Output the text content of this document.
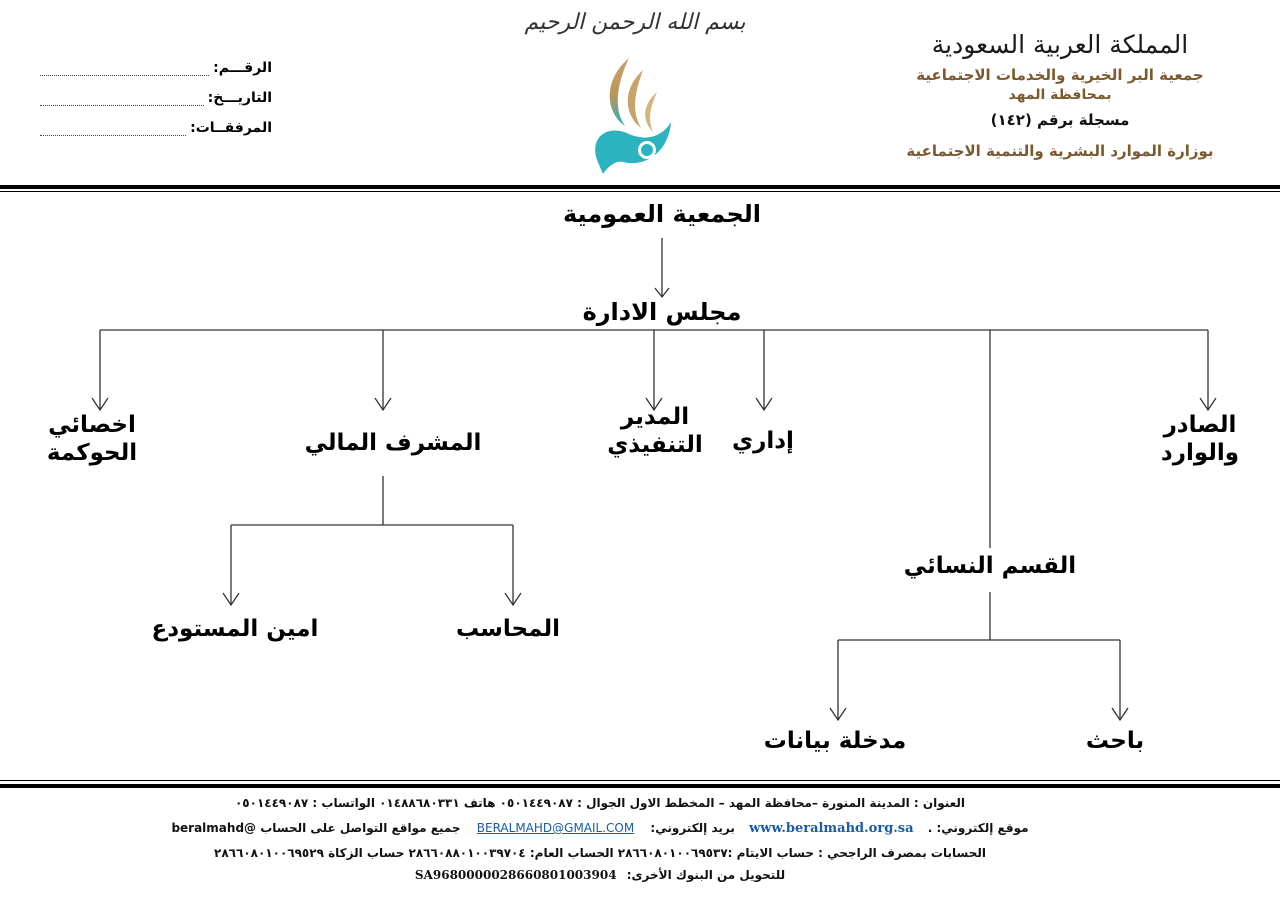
بسم الله الرحمن الرحيم
المملكة العربية السعودية
جمعية البر الخيرية والخدمات الاجتماعية
بمحافظة المهد
مسجلة برقم (١٤٢)
بوزارة الموارد البشرية والتنمية الاجتماعية
الرقـــم:
التاريـــخ:
المرفقــات:
الجمعية العمومية
مجلس الادارة
الصادر
والوارد
إداري
المدير
التنفيذي
المشرف المالي
اخصائي
الحوكمة
المحاسب
امين المستودع
القسم النسائي
باحث
مدخلة بيانات
العنوان : المدينة المنورة –محافظة المهد – المخطط الاول الجوال : ٠٥٠١٤٤٩٠٨٧ هاتف ٠١٤٨٨٦٨٠٣٣١ الواتساب : ٠٥٠١٤٤٩٠٨٧
موقع إلكتروني: . www.beralmahd.org.sa بريد إلكتروني: BERALMAHD@GMAIL.COM جميع مواقع التواصل على الحساب @beralmahd
الحسابات بمصرف الراجحي : حساب الايتام :٢٨٦٦٠٨٠١٠٠٦٩٥٣٧ الحساب العام: ٢٨٦٦٠٨٨٠١٠٠٣٩٧٠٤ حساب الزكاة ٢٨٦٦٠٨٠١٠٠٦٩٥٢٩
للتحويل من البنوك الأخرى: SA9680000028660801003904
